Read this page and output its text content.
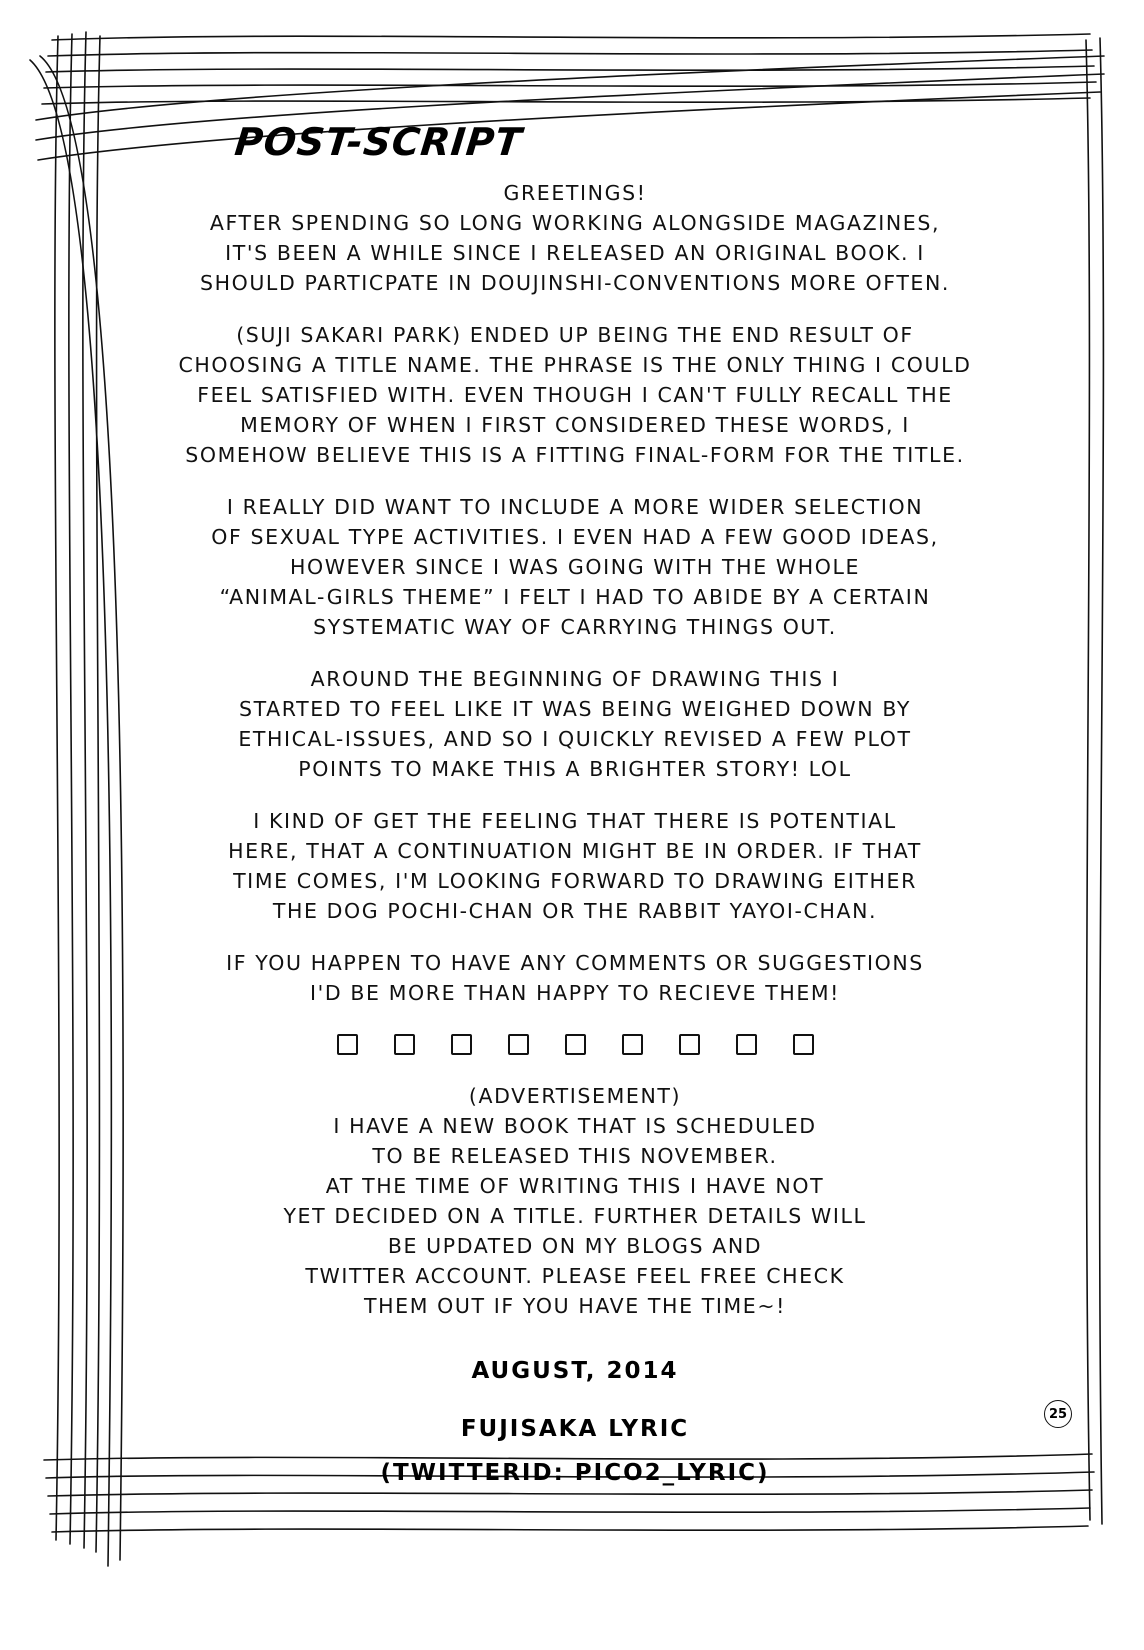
POST-SCRIPT

GREETINGS!
AFTER SPENDING SO LONG WORKING ALONGSIDE MAGAZINES,
IT'S BEEN A WHILE SINCE I RELEASED AN ORIGINAL BOOK. I
SHOULD PARTICPATE IN DOUJINSHI-CONVENTIONS MORE OFTEN.

(SUJI SAKARI PARK) ENDED UP BEING THE END RESULT OF
CHOOSING A TITLE NAME. THE PHRASE IS THE ONLY THING I COULD
FEEL SATISFIED WITH. EVEN THOUGH I CAN'T FULLY RECALL THE
MEMORY OF WHEN I FIRST CONSIDERED THESE WORDS, I
SOMEHOW BELIEVE THIS IS A FITTING FINAL-FORM FOR THE TITLE.

I REALLY DID WANT TO INCLUDE A MORE WIDER SELECTION
OF SEXUAL TYPE ACTIVITIES. I EVEN HAD A FEW GOOD IDEAS,
HOWEVER SINCE I WAS GOING WITH THE WHOLE
“ANIMAL-GIRLS THEME” I FELT I HAD TO ABIDE BY A CERTAIN
SYSTEMATIC WAY OF CARRYING THINGS OUT.

AROUND THE BEGINNING OF DRAWING THIS I
STARTED TO FEEL LIKE IT WAS BEING WEIGHED DOWN BY
ETHICAL-ISSUES, AND SO I QUICKLY REVISED A FEW PLOT
POINTS TO MAKE THIS A BRIGHTER STORY! LOL

I KIND OF GET THE FEELING THAT THERE IS POTENTIAL
HERE, THAT A CONTINUATION MIGHT BE IN ORDER. IF THAT
TIME COMES, I'M LOOKING FORWARD TO DRAWING EITHER
THE DOG POCHI-CHAN OR THE RABBIT YAYOI-CHAN.

IF YOU HAPPEN TO HAVE ANY COMMENTS OR SUGGESTIONS
I'D BE MORE THAN HAPPY TO RECIEVE THEM!

(ADVERTISEMENT)
I HAVE A NEW BOOK THAT IS SCHEDULED
TO BE RELEASED THIS NOVEMBER.
AT THE TIME OF WRITING THIS I HAVE NOT
YET DECIDED ON A TITLE. FURTHER DETAILS WILL
BE UPDATED ON MY BLOGS AND
TWITTER ACCOUNT. PLEASE FEEL FREE CHECK
THEM OUT IF YOU HAVE THE TIME~!

AUGUST, 2014
FUJISAKA LYRIC
(TWITTERID: PICO2_LYRIC)
25
